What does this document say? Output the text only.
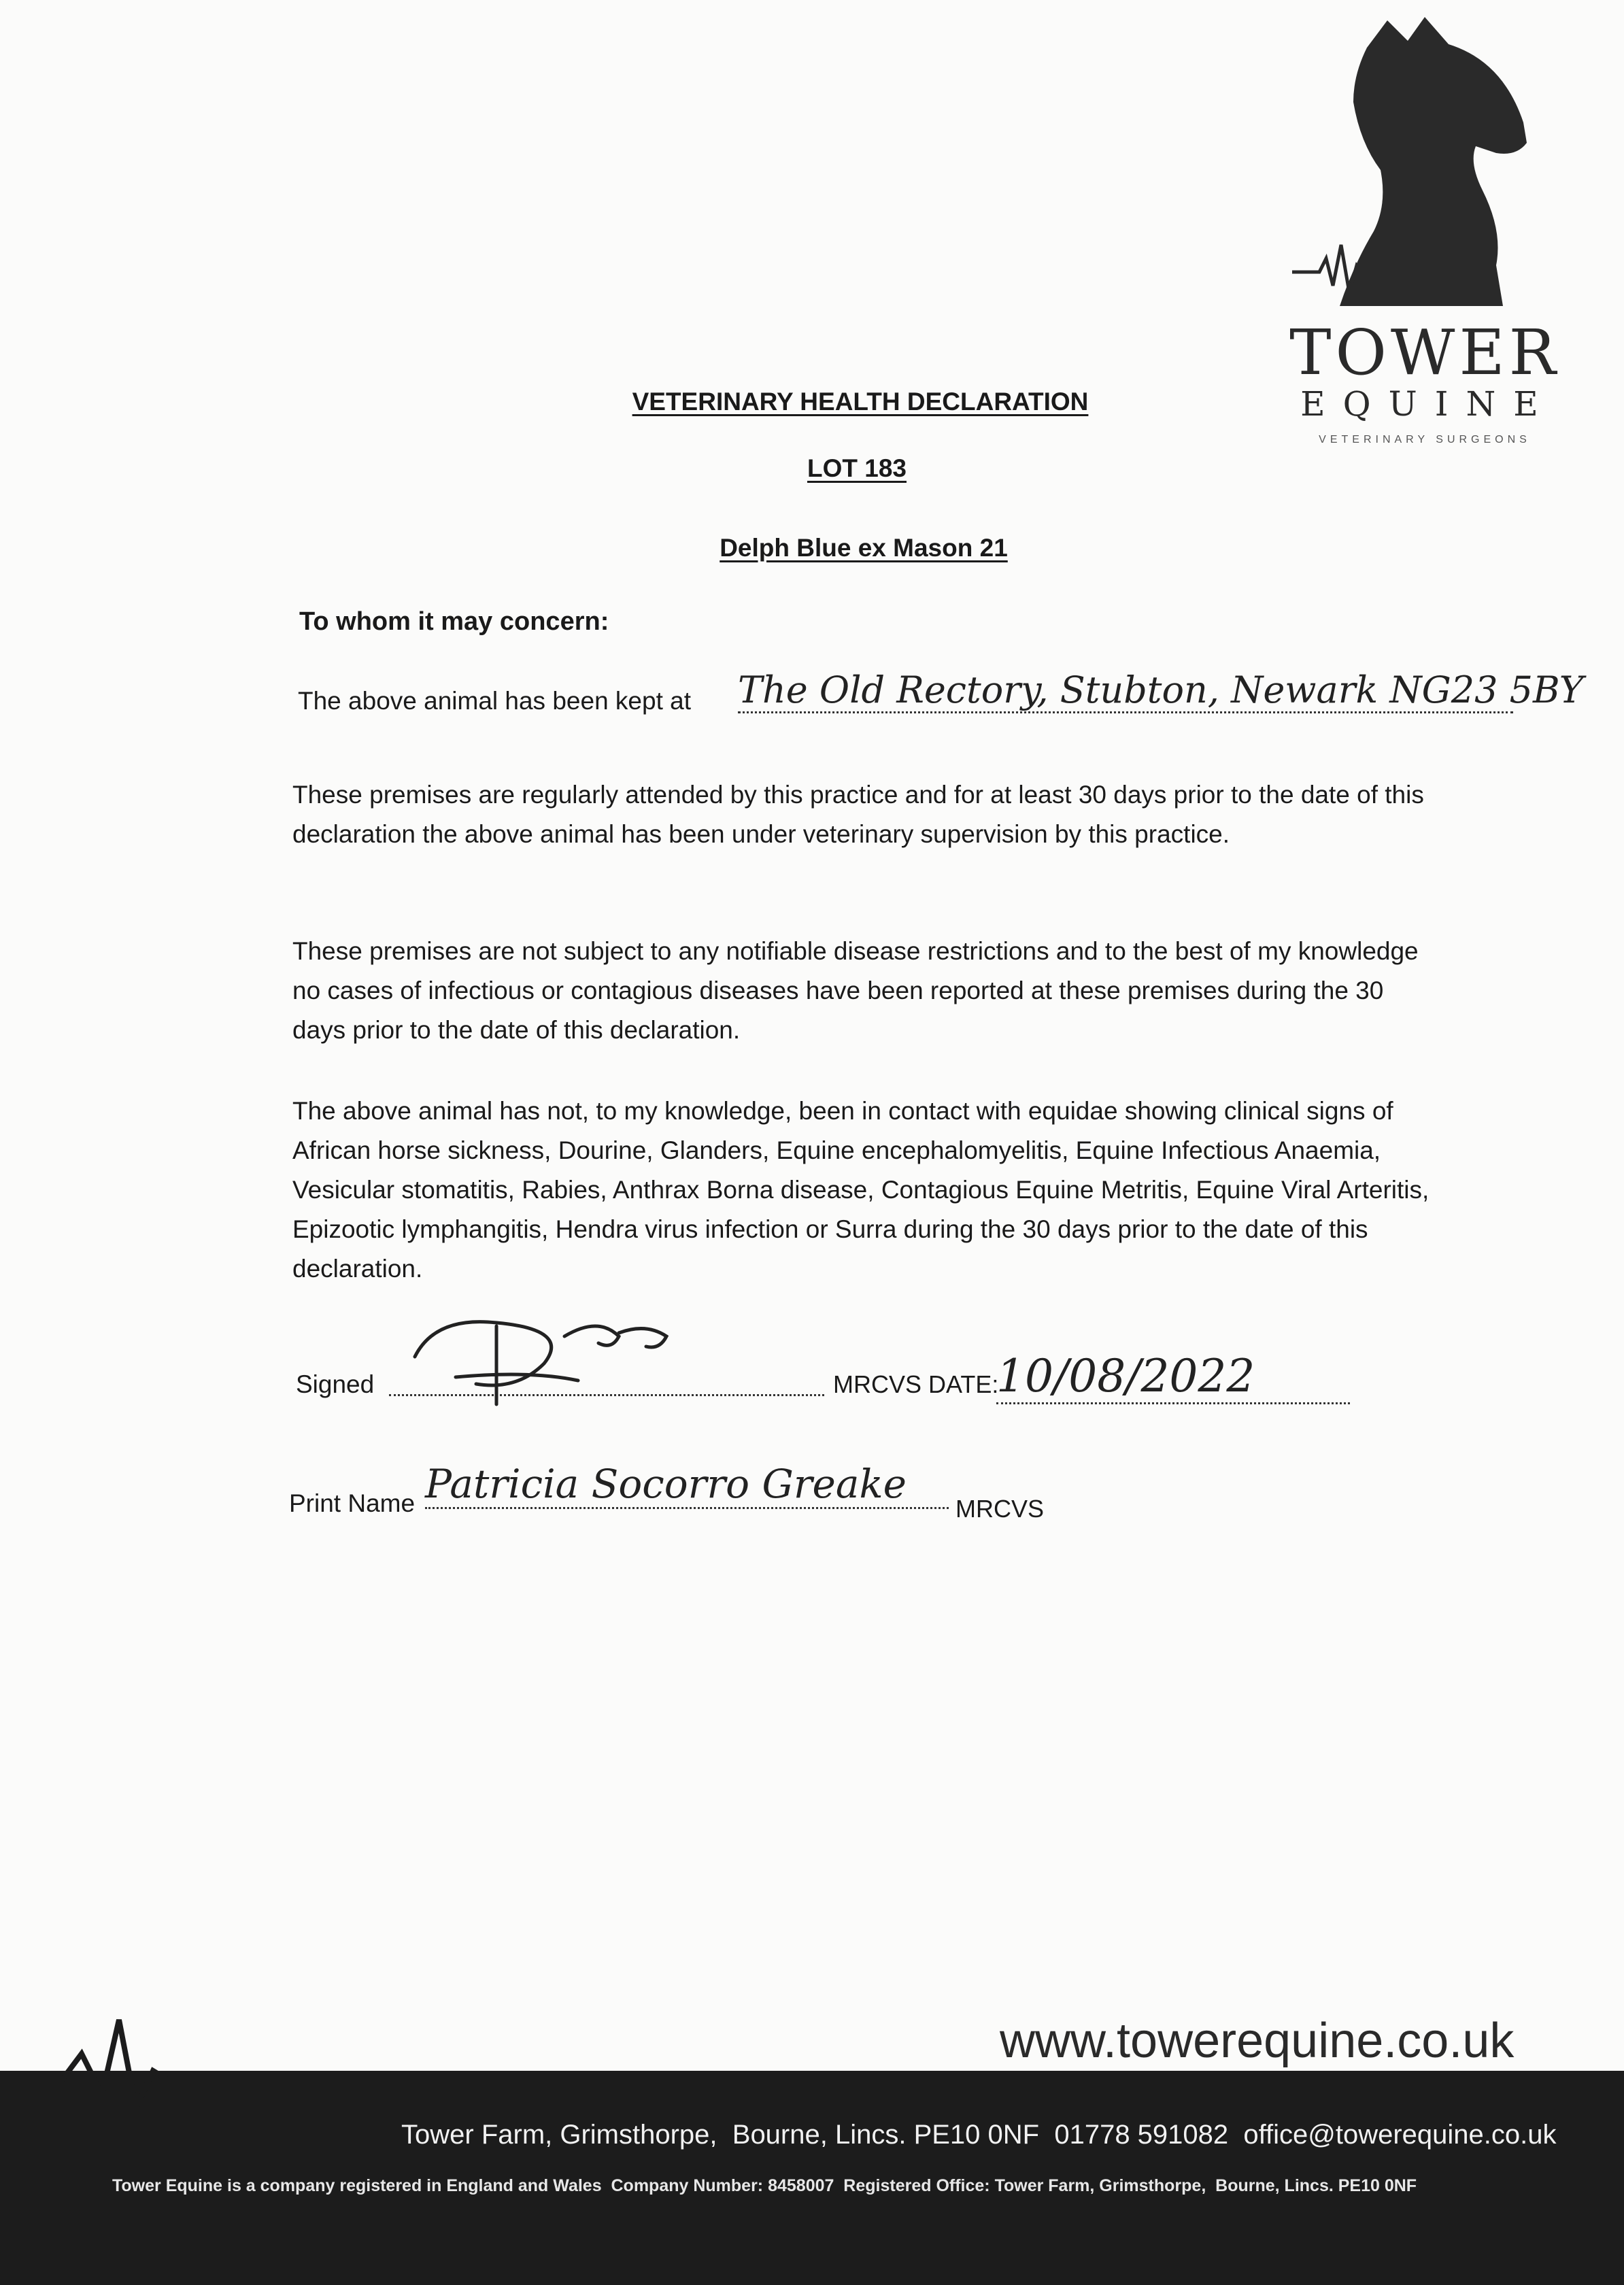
TOWER
EQUINE
VETERINARY SURGEONS
VETERINARY HEALTH DECLARATION
LOT 183
Delph Blue ex Mason 21
To whom it may concern:
The above animal has been kept at The Old Rectory, Stubton, Newark NG23 5BY
These premises are regularly attended by this practice and for at least 30 days prior to the date of this declaration the above animal has been under veterinary supervision by this practice.
These premises are not subject to any notifiable disease restrictions and to the best of my knowledge no cases of infectious or contagious diseases have been reported at these premises during the 30 days prior to the date of this declaration.
The above animal has not, to my knowledge, been in contact with equidae showing clinical signs of African horse sickness, Dourine, Glanders, Equine encephalomyelitis, Equine Infectious Anaemia, Vesicular stomatitis, Rabies, Anthrax Borna disease, Contagious Equine Metritis, Equine Viral Arteritis, Epizootic lymphangitis, Hendra virus infection or Surra during the 30 days prior to the date of this declaration.
Signed	MRCVS DATE:
10/08/2022
Print Name Patricia Socorro Greake
MRCVS
www.towerequine.co.uk
Tower Farm, Grimsthorpe,  Bourne, Lincs. PE10 0NF  01778 591082  office@towerequine.co.uk
Tower Equine is a company registered in England and Wales  Company Number: 8458007  Registered Office: Tower Farm, Grimsthorpe,  Bourne, Lincs. PE10 0NF
